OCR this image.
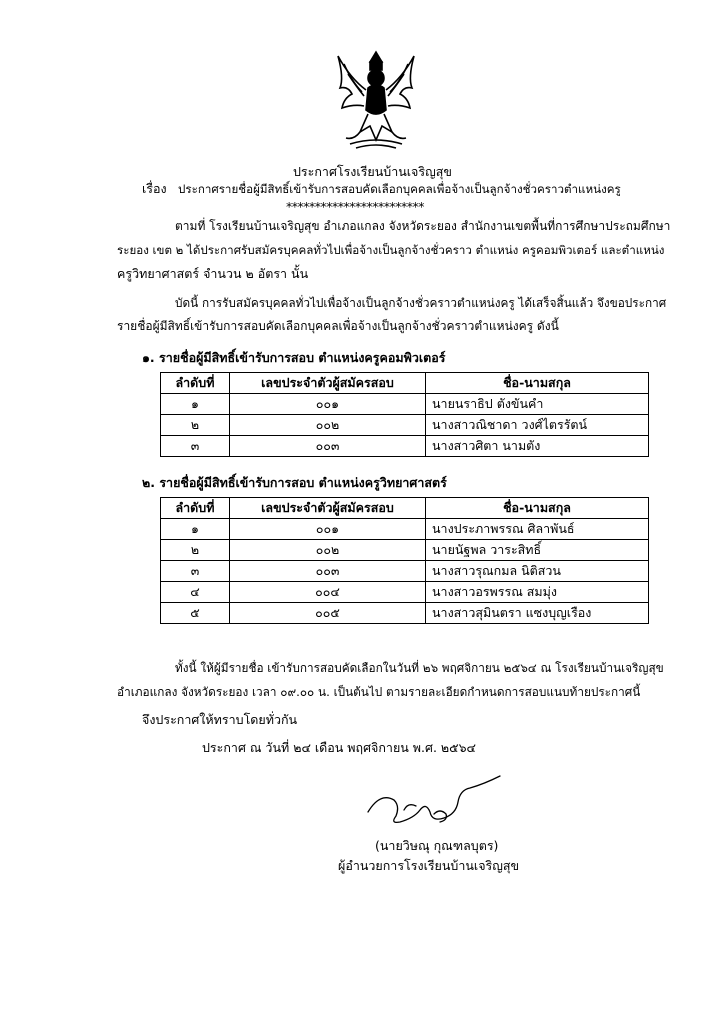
ประกาศโรงเรียนบ้านเจริญสุข
เรื่อง ประกาศรายชื่อผู้มีสิทธิ์เข้ารับการสอบคัดเลือกบุคคลเพื่อจ้างเป็นลูกจ้างชั่วคราวตำแหน่งครู
************************
ตามที่ โรงเรียนบ้านเจริญสุข อำเภอแกลง จังหวัดระยอง สำนักงานเขตพื้นที่การศึกษาประถมศึกษา
ระยอง เขต ๒ ได้ประกาศรับสมัครบุคคลทั่วไปเพื่อจ้างเป็นลูกจ้างชั่วคราว ตำแหน่ง ครูคอมพิวเตอร์ และตำแหน่ง
ครูวิทยาศาสตร์ จำนวน ๒ อัตรา นั้น
บัดนี้ การรับสมัครบุคคลทั่วไปเพื่อจ้างเป็นลูกจ้างชั่วคราวตำแหน่งครู ได้เสร็จสิ้นแล้ว จึงขอประกาศ
รายชื่อผู้มีสิทธิ์เข้ารับการสอบคัดเลือกบุคคลเพื่อจ้างเป็นลูกจ้างชั่วคราวตำแหน่งครู ดังนี้
๑. รายชื่อผู้มีสิทธิ์เข้ารับการสอบ ตำแหน่งครูคอมพิวเตอร์
ลำดับที่	เลขประจำตัวผู้สมัครสอบ	ชื่อ-นามสกุล
๑	๐๐๑	นายนราธิป ตังขันคำ
๒	๐๐๒	นางสาวณิชาดา วงศ์ไตรรัตน์
๓	๐๐๓	นางสาวศิตา นามตัง
๒. รายชื่อผู้มีสิทธิ์เข้ารับการสอบ ตำแหน่งครูวิทยาศาสตร์
ลำดับที่	เลขประจำตัวผู้สมัครสอบ	ชื่อ-นามสกุล
๑	๐๐๑	นางประภาพรรณ ศิลาพันธ์
๒	๐๐๒	นายนัฐพล วาระสิทธิ์
๓	๐๐๓	นางสาวรุณกมล นิติสวน
๔	๐๐๔	นางสาวอรพรรณ สมมุ่ง
๕	๐๐๕	นางสาวสุมินตรา แซงบุญเรือง
ทั้งนี้ ให้ผู้มีรายชื่อ เข้ารับการสอบคัดเลือกในวันที่ ๒๖ พฤศจิกายน ๒๕๖๔ ณ โรงเรียนบ้านเจริญสุข
อำเภอแกลง จังหวัดระยอง เวลา ๐๙.๐๐ น. เป็นต้นไป ตามรายละเอียดกำหนดการสอบแนบท้ายประกาศนี้
จึงประกาศให้ทราบโดยทั่วกัน
ประกาศ ณ วันที่ ๒๔ เดือน พฤศจิกายน พ.ศ. ๒๕๖๔
(นายวิษณุ กุณฑลบุตร)
ผู้อำนวยการโรงเรียนบ้านเจริญสุข
